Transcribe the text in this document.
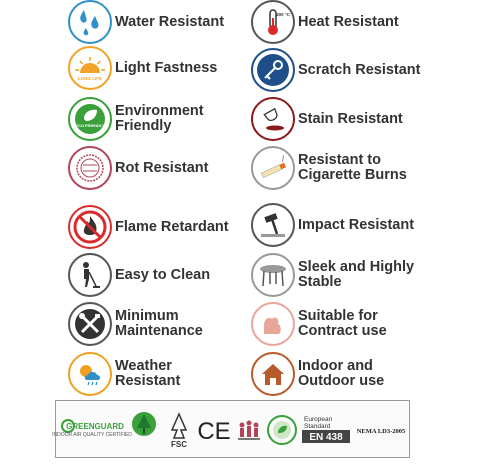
Water Resistant
LONG LIFE
Light Fastness
ECO FRIENDLY
Environment
Friendly
Rot Resistant
Flame Retardant
Easy to Clean
Minimum
Maintenance
Weather
Resistant
400 °C Heat Resistant
Scratch Resistant
Stain Resistant
Resistant to
Cigarette Burns
Impact Resistant
Sleek and Highly
Stable
Suitable for
Contract use
Indoor and
Outdoor use
GREENGUARD
INDOOR AIR QUALITY CERTIFIED
FSC CE	European Standard
EN 438
NEMA LD3-2005
